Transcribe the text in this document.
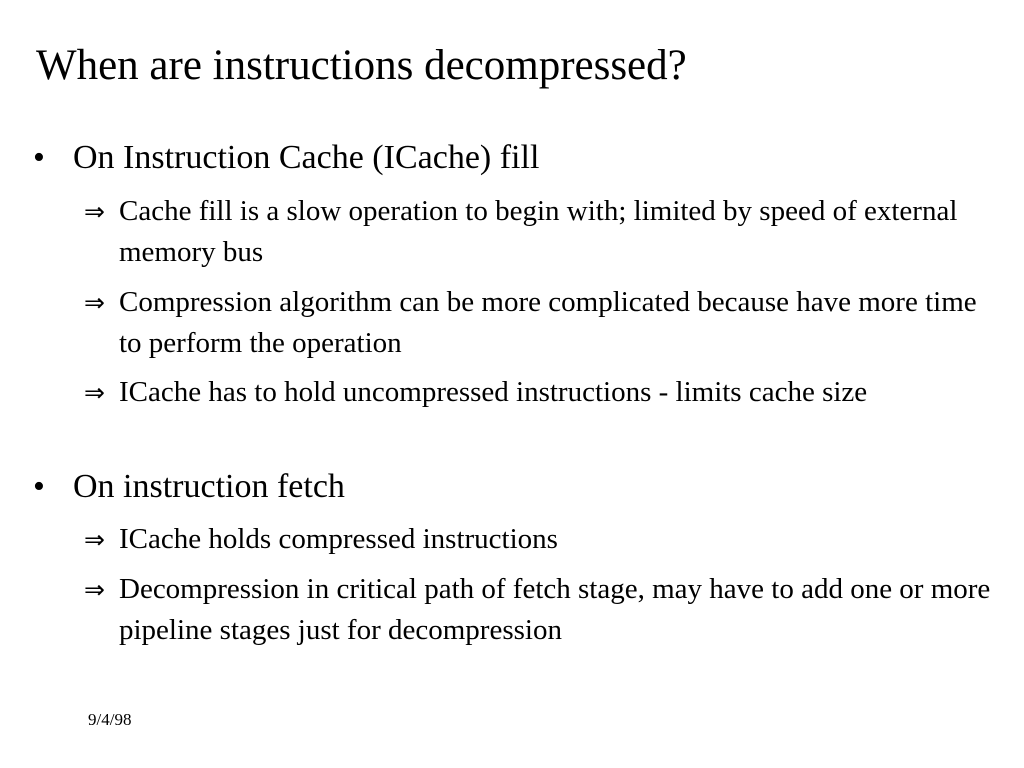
When are instructions decompressed?
• On Instruction Cache (ICache) fill
⇒ Cache fill is a slow operation to begin with; limited by speed of external memory bus
⇒ Compression algorithm can be more complicated because have more time to perform the operation
⇒ ICache has to hold uncompressed instructions - limits cache size
• On instruction fetch
⇒ ICache holds compressed instructions
⇒ Decompression in critical path of fetch stage, may have to add one or more pipeline stages just for decompression
9/4/98
